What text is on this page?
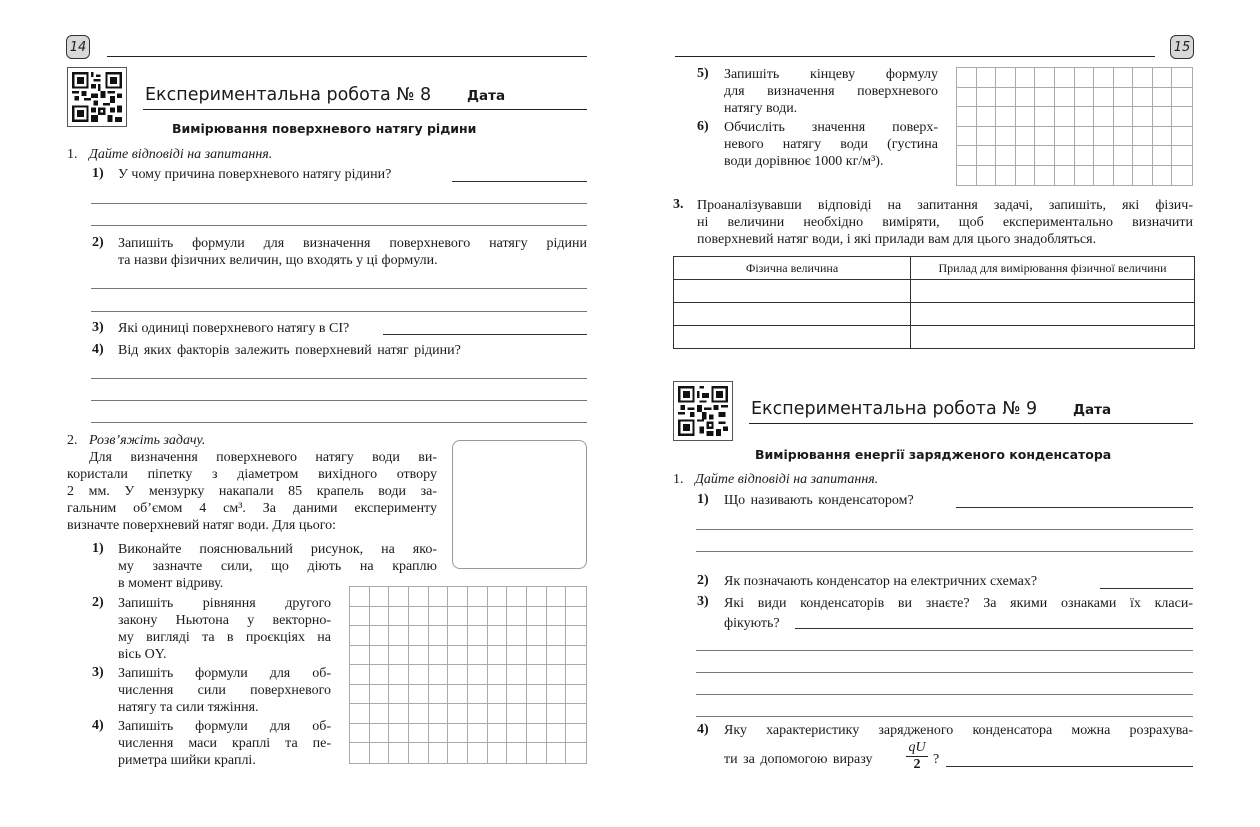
14
Експериментальна робота № 8	Дата
Вимірювання поверхневого натягу рідини
1. Дайте відповіді на запитання.
1) У чому причина поверхневого натягу рідини?
2) Запишіть формули для визначення поверхневого натягу рідини
та назви фізичних величин, що входять у ці формули.
3) Які одиниці поверхневого натягу в СІ?
4) Від яких факторів залежить поверхневий натяг рідини?
2. Розв’яжіть задачу.
Для визначення поверхневого натягу води ви-
користали піпетку з діаметром вихідного отвору
2 мм. У мензурку накапали 85 крапель води за-
гальним об’ємом 4 см³. За даними експерименту
визначте поверхневий натяг води. Для цього:
1) Виконайте пояснювальний рисунок, на яко-
му зазначте сили, що діють на краплю
в момент відриву.
2) Запишіть рівняння другого
закону Ньютона у векторно-
му вигляді та в проєкціях на
вісь OY.
3) Запишіть формули для об-
числення сили поверхневого
натягу та сили тяжіння.
4) Запишіть формули для об-
числення маси краплі та пе-
риметра шийки краплі.
15
5) Запишіть кінцеву формулу
для визначення поверхневого
натягу води.
6) Обчисліть значення поверх-
невого натягу води (густина
води дорівнює 1000 кг/м³).
3. Проаналізувавши відповіді на запитання задачі, запишіть, які фізич-
ні величини необхідно виміряти, щоб експериментально визначити
поверхневий натяг води, і які прилади вам для цього знадобляться.
Фізична величина	Прилад для вимірювання фізичної величини

Експериментальна робота № 9	Дата
Вимірювання енергії зарядженого конденсатора
1. Дайте відповіді на запитання.
1) Що називають конденсатором?
2) Як позначають конденсатор на електричних схемах?
3) Які види конденсаторів ви знаєте? За якими ознаками їх класи-
фікують?
4) Яку характеристику зарядженого конденсатора можна розрахува-
ти за допомогою виразу $\frac{qU}{2}$ ?
